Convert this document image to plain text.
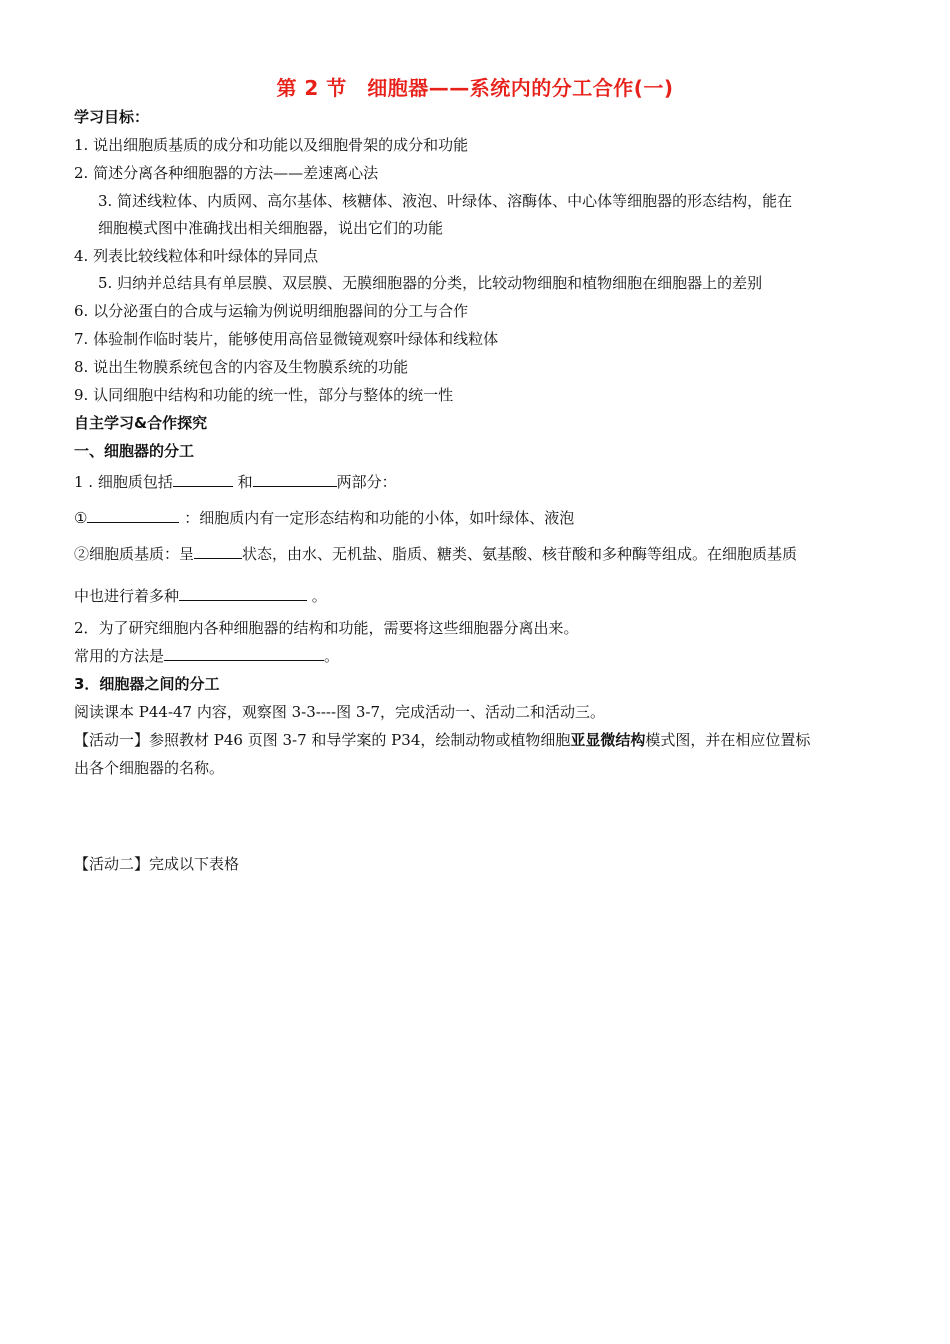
第 2 节　细胞器——系统内的分工合作(一)
学习目标：
1. 说出细胞质基质的成分和功能以及细胞骨架的成分和功能
2. 简述分离各种细胞器的方法——差速离心法
3. 简述线粒体、内质网、高尔基体、核糖体、液泡、叶绿体、溶酶体、中心体等细胞器的形态结构，能在
细胞模式图中准确找出相关细胞器，说出它们的功能
4. 列表比较线粒体和叶绿体的异同点
5. 归纳并总结具有单层膜、双层膜、无膜细胞器的分类，比较动物细胞和植物细胞在细胞器上的差别
6. 以分泌蛋白的合成与运输为例说明细胞器间的分工与合作
7. 体验制作临时装片，能够使用高倍显微镜观察叶绿体和线粒体
8. 说出生物膜系统包含的内容及生物膜系统的功能
9. 认同细胞中结构和功能的统一性，部分与整体的统一性
自主学习&合作探究
一、细胞器的分工
1 . 细胞质包括	和	两部分：
①	：细胞质内有一定形态结构和功能的小体，如叶绿体、液泡
②细胞质基质：呈	状态，由水、无机盐、脂质、糖类、氨基酸、核苷酸和多种酶等组成。在细胞质基质
中也进行着多种	。
2．为了研究细胞内各种细胞器的结构和功能，需要将这些细胞器分离出来。
常用的方法是	。
3．细胞器之间的分工
阅读课本 P44-47 内容，观察图 3-3----图 3-7，完成活动一、活动二和活动三。
【活动一】参照教材 P46 页图 3-7 和导学案的 P34，绘制动物或植物细胞亚显微结构模式图，并在相应位置标
出各个细胞器的名称。
【活动二】完成以下表格
